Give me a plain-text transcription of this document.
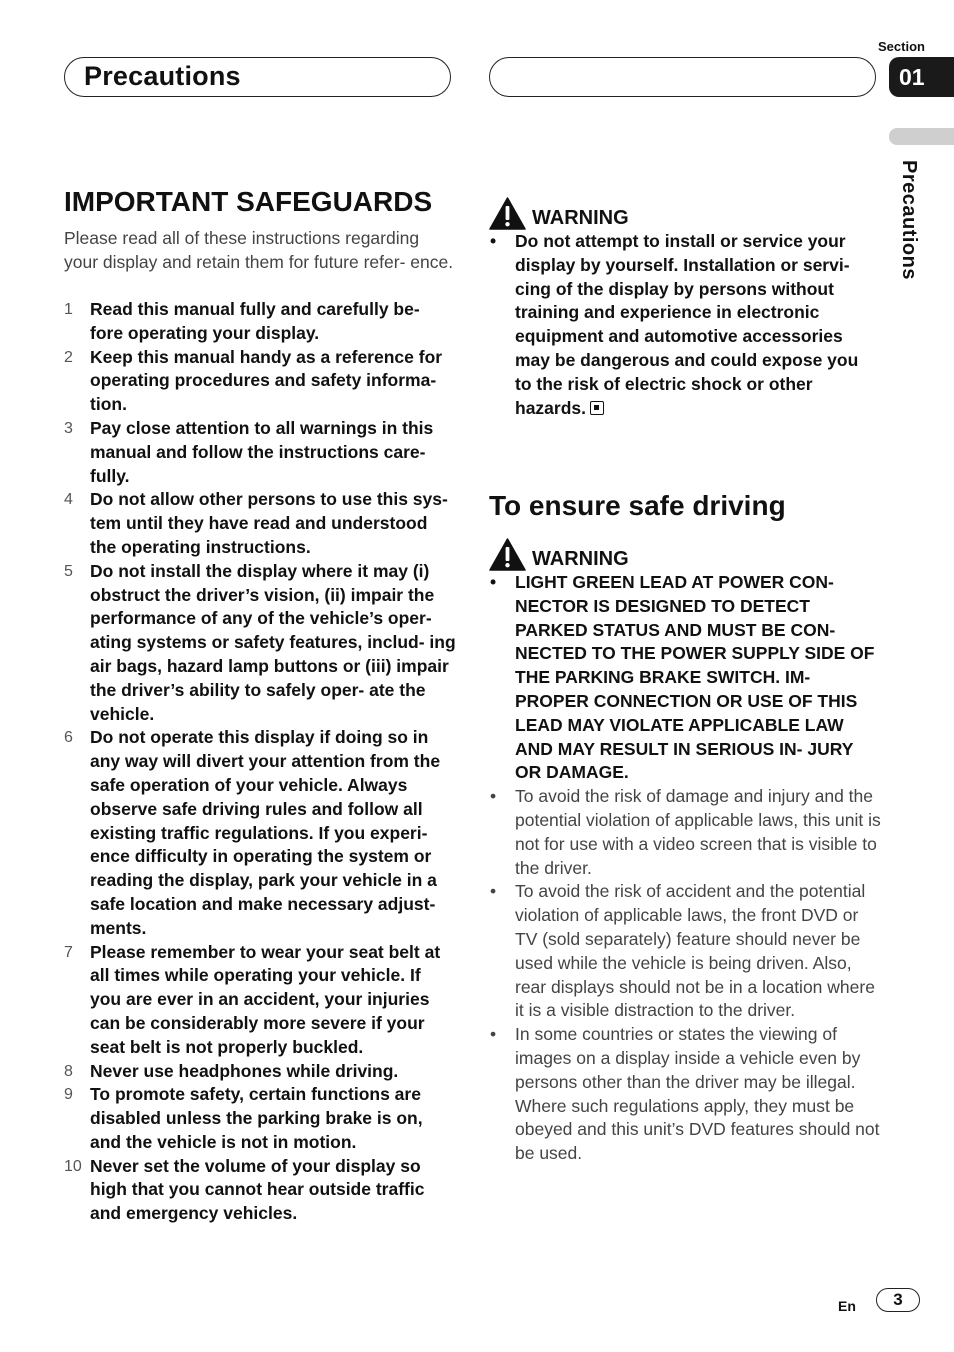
Precautions
Section
01
Precautions
IMPORTANT SAFEGUARDS
Please read all of these instructions regarding your display and retain them for future refer- ence.
1 Read this manual fully and carefully be- fore operating your display.
2 Keep this manual handy as a reference for operating procedures and safety informa- tion.
3 Pay close attention to all warnings in this manual and follow the instructions care- fully.
4 Do not allow other persons to use this sys- tem until they have read and understood the operating instructions.
5 Do not install the display where it may (i) obstruct the driver’s vision, (ii) impair the performance of any of the vehicle’s oper- ating systems or safety features, includ- ing air bags, hazard lamp buttons or (iii) impair the driver’s ability to safely oper- ate the vehicle.
6 Do not operate this display if doing so in any way will divert your attention from the safe operation of your vehicle. Always observe safe driving rules and follow all existing traffic regulations. If you experi- ence difficulty in operating the system or reading the display, park your vehicle in a safe location and make necessary adjust- ments.
7 Please remember to wear your seat belt at all times while operating your vehicle. If you are ever in an accident, your injuries can be considerably more severe if your seat belt is not properly buckled.
8 Never use headphones while driving.
9 To promote safety, certain functions are disabled unless the parking brake is on, and the vehicle is not in motion.
10 Never set the volume of your display so high that you cannot hear outside traffic and emergency vehicles.
WARNING
• Do not attempt to install or service your display by yourself. Installation or servi- cing of the display by persons without training and experience in electronic equipment and automotive accessories may be dangerous and could expose you to the risk of electric shock or other hazards.
To ensure safe driving
WARNING
• LIGHT GREEN LEAD AT POWER CON- NECTOR IS DESIGNED TO DETECT PARKED STATUS AND MUST BE CON- NECTED TO THE POWER SUPPLY SIDE OF THE PARKING BRAKE SWITCH. IM- PROPER CONNECTION OR USE OF THIS LEAD MAY VIOLATE APPLICABLE LAW AND MAY RESULT IN SERIOUS IN- JURY OR DAMAGE.
• To avoid the risk of damage and injury and the potential violation of applicable laws, this unit is not for use with a video screen that is visible to the driver.
• To avoid the risk of accident and the potential violation of applicable laws, the front DVD or TV (sold separately) feature should never be used while the vehicle is being driven. Also, rear displays should not be in a location where it is a visible distraction to the driver.
• In some countries or states the viewing of images on a display inside a vehicle even by persons other than the driver may be illegal. Where such regulations apply, they must be obeyed and this unit’s DVD features should not be used.
En	3
